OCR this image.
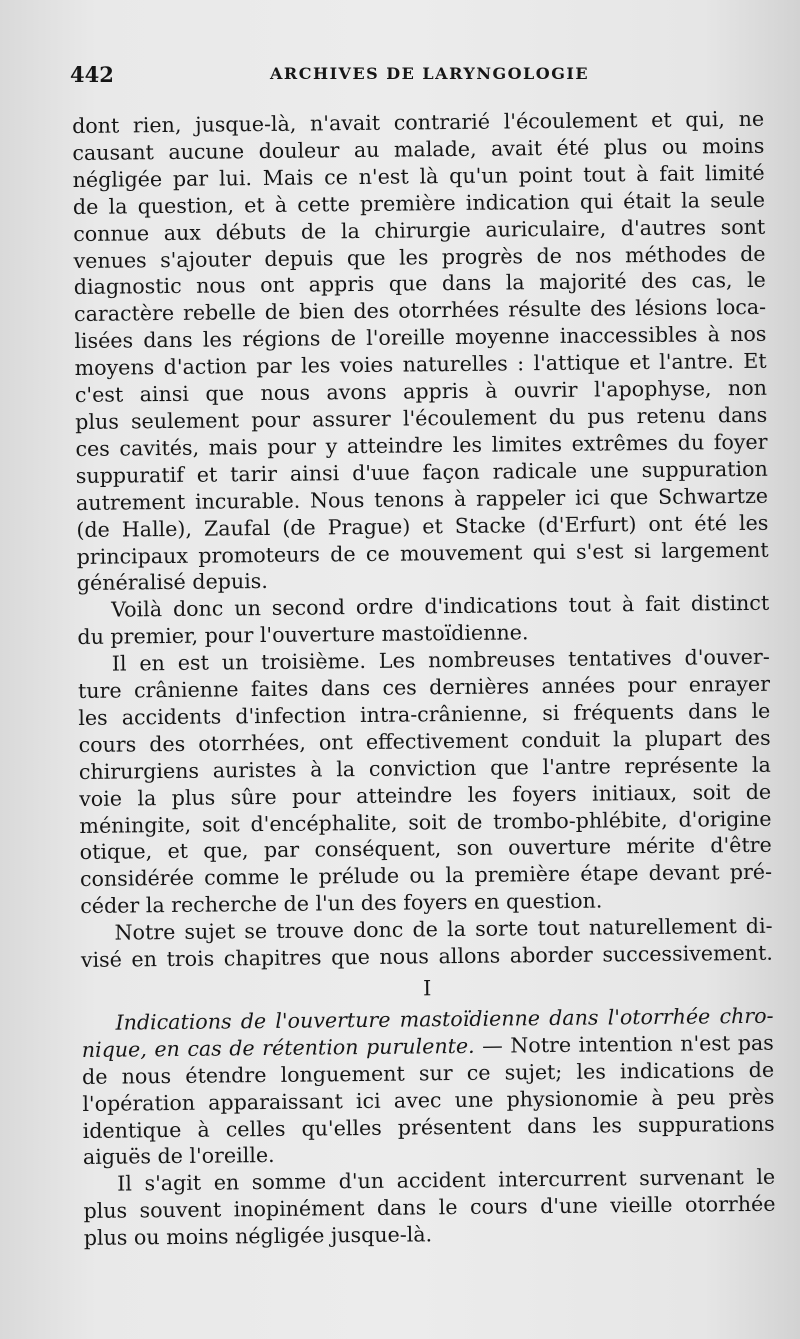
442	ARCHIVES DE LARYNGOLOGIE
dont rien, jusque-là, n'avait contrarié l'écoulement et qui, ne
causant aucune douleur au malade, avait été plus ou moins
négligée par lui. Mais ce n'est là qu'un point tout à fait limité
de la question, et à cette première indication qui était la seule
connue aux débuts de la chirurgie auriculaire, d'autres sont
venues s'ajouter depuis que les progrès de nos méthodes de
diagnostic nous ont appris que dans la majorité des cas, le
caractère rebelle de bien des otorrhées résulte des lésions loca-
lisées dans les régions de l'oreille moyenne inaccessibles à nos
moyens d'action par les voies naturelles : l'attique et l'antre. Et
c'est ainsi que nous avons appris à ouvrir l'apophyse, non
plus seulement pour assurer l'écoulement du pus retenu dans
ces cavités, mais pour y atteindre les limites extrêmes du foyer
suppuratif et tarir ainsi d'uue façon radicale une suppuration
autrement incurable. Nous tenons à rappeler ici que Schwartze
(de Halle), Zaufal (de Prague) et Stacke (d'Erfurt) ont été les
principaux promoteurs de ce mouvement qui s'est si largement
généralisé depuis.
Voilà donc un second ordre d'indications tout à fait distinct
du premier, pour l'ouverture mastoïdienne.
Il en est un troisième. Les nombreuses tentatives d'ouver-
ture crânienne faites dans ces dernières années pour enrayer
les accidents d'infection intra-crânienne, si fréquents dans le
cours des otorrhées, ont effectivement conduit la plupart des
chirurgiens auristes à la conviction que l'antre représente la
voie la plus sûre pour atteindre les foyers initiaux, soit de
méningite, soit d'encéphalite, soit de trombo-phlébite, d'origine
otique, et que, par conséquent, son ouverture mérite d'être
considérée comme le prélude ou la première étape devant pré-
céder la recherche de l'un des foyers en question.
Notre sujet se trouve donc de la sorte tout naturellement di-
visé en trois chapitres que nous allons aborder successivement.
I
Indications de l'ouverture mastoïdienne dans l'otorrhée chro-
nique, en cas de rétention purulente. — Notre intention n'est pas
de nous étendre longuement sur ce sujet; les indications de
l'opération apparaissant ici avec une physionomie à peu près
identique à celles qu'elles présentent dans les suppurations
aiguës de l'oreille.
Il s'agit en somme d'un accident intercurrent survenant le
plus souvent inopinément dans le cours d'une vieille otorrhée
plus ou moins négligée jusque-là.
